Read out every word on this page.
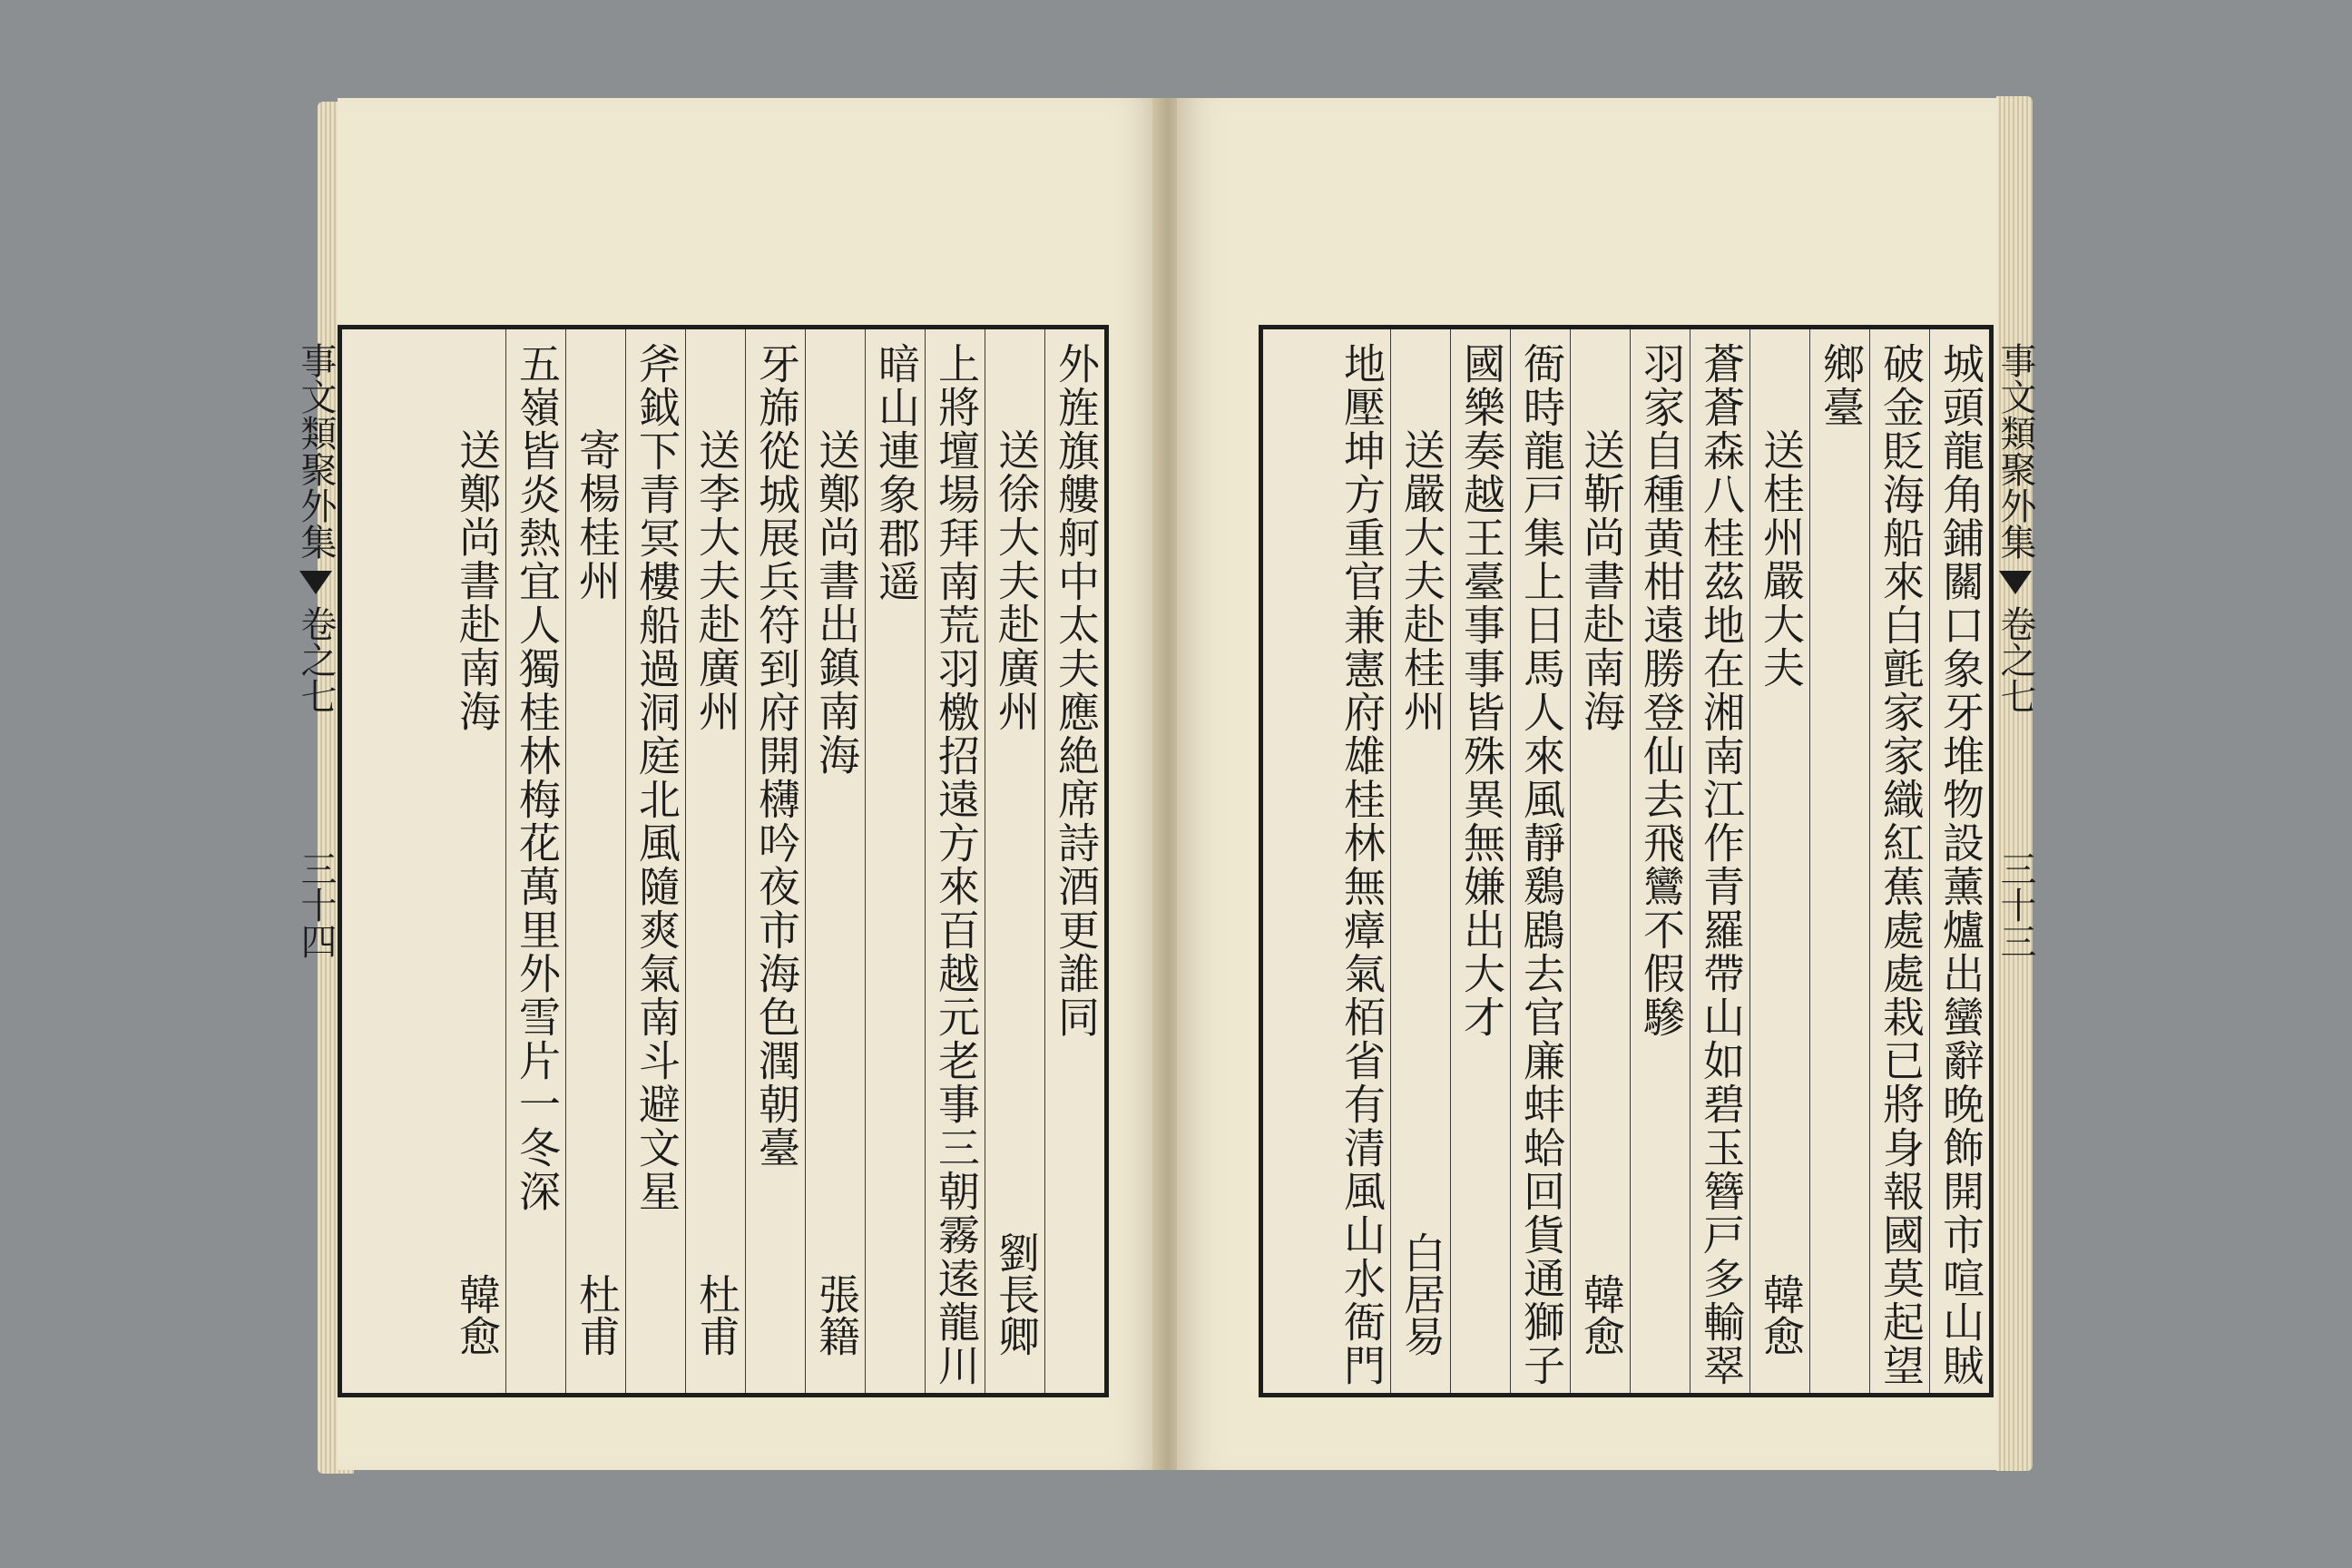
事文類聚外集
卷之七
三十四	外旌旗艛舸中太夫應絶席詩酒更誰同
送徐大夫赴廣州
劉長卿
上將壇場拜南荒羽檄招遠方來百越元老事三朝霧逺龍川
暗山連象郡遥
送鄭尚書出鎮南海
張籍
牙旆從城展兵符到府開欂吟夜市海色潤朝臺
送李大夫赴廣州
杜甫
斧鉞下青冥樓船過洞庭北風隨爽氣南斗避文星
寄楊桂州
杜甫
五嶺皆炎熱宜人獨桂林梅花萬里外雪片一冬深
送鄭尚書赴南海
韓愈
事文類聚外集
卷之七
三十三
城頭龍角鋪關口象牙堆物設薰爐出蠻辭晚飾開市喧山賊
破金貶海船來白氈家家織紅蕉處處栽已將身報國莫起望
鄉臺
送桂州嚴大夫
韓愈
蒼蒼森八桂茲地在湘南江作青羅帶山如碧玉簪戸多輸翠
羽家自種黄柑遠勝登仙去飛鸞不假驂
送靳尚書赴南海
韓愈
衙時龍戸集上日馬人來風靜鶢鶋去官廉蚌蛤回貨通獅子
國樂奏越王臺事事皆殊異無嫌出大才
送嚴大夫赴桂州
白居易
地壓坤方重官兼憲府雄桂林無瘴氣栢省有清風山水衙門
